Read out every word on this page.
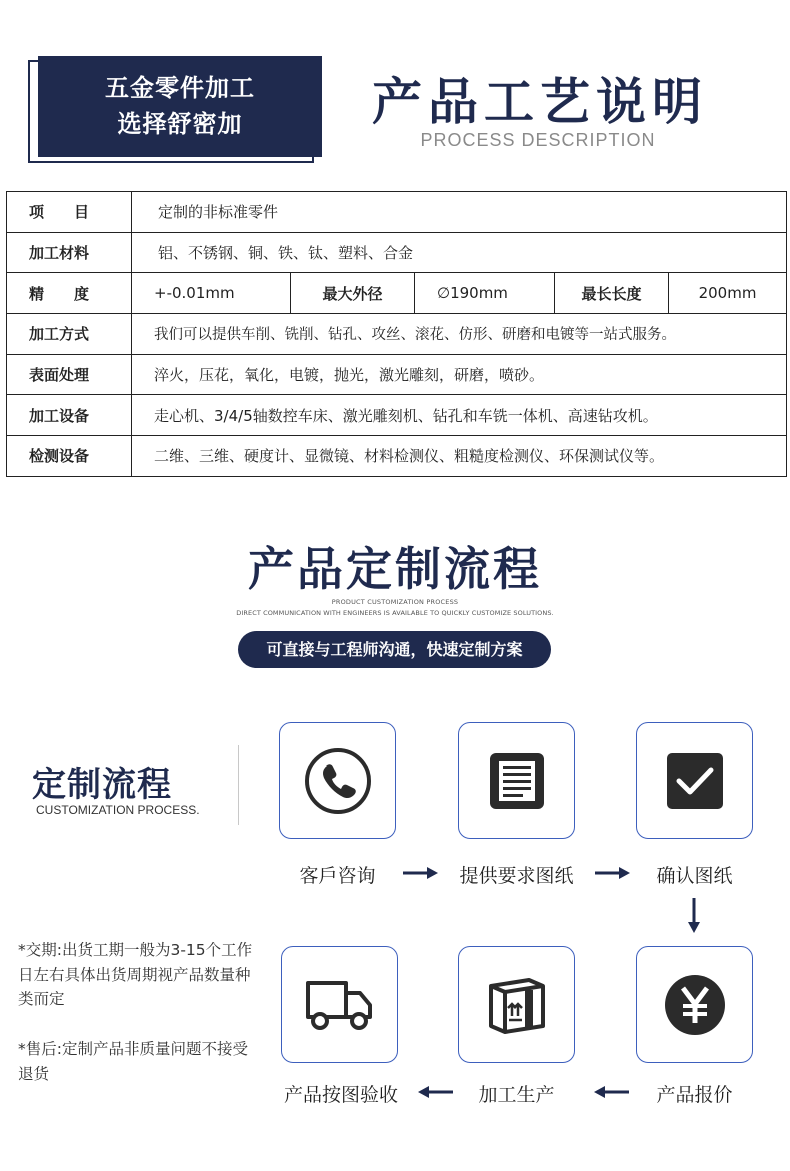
五金零件加工
选择舒密加	产品工艺说明
PROCESS DESCRIPTION
项　　目	定制的非标准零件				
加工材料	铝、不锈钢、铜、铁、钛、塑料、合金				
精　　度	+-0.01mm	最大外径	∅190mm	最长长度	200mm
加工方式	我们可以提供车削、铣削、钻孔、攻丝、滚花、仿形、研磨和电镀等一站式服务。				
表面处理	淬火，压花，氧化，电镀，抛光，激光雕刻，研磨，喷砂。				
加工设备	走心机、3/4/5轴数控车床、激光雕刻机、钻孔和车铣一体机、高速钻攻机。				
检测设备	二维、三维、硬度计、显微镜、材料检测仪、粗糙度检测仪、环保测试仪等。				
产品定制流程
PRODUCT CUSTOMIZATION PROCESS
DIRECT COMMUNICATION WITH ENGINEERS IS AVAILABLE TO QUICKLY CUSTOMIZE SOLUTIONS.
可直接与工程师沟通，快速定制方案
定制流程
CUSTOMIZATION PROCESS.
*交期:出货工期一般为3-15个工作日左右具体出货周期视产品数量种类而定
*售后:定制产品非质量问题不接受退货
客戶咨询	提供要求图纸	确认图纸
产品按图验收	加工生产	产品报价
